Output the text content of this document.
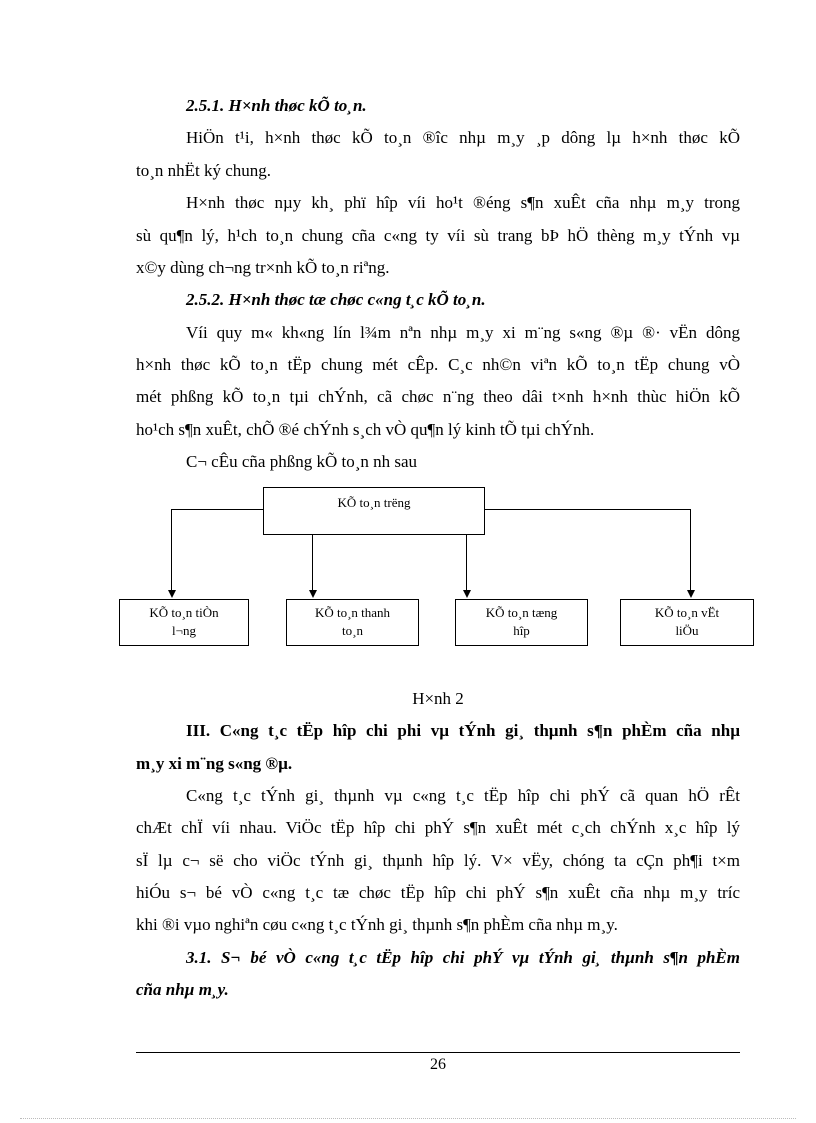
2.5.1. H×nh thøc kÕ to¸n.
HiÖn t¹i, h×nh thøc kÕ to¸n ®îc nhµ m¸y ¸p dông lµ h×nh thøc kÕ
to¸n nhËt ký chung.
H×nh thøc nµy kh¸ phï hîp víi ho¹t ®éng s¶n xuÊt cña nhµ m¸y trong
sù qu¶n lý, h¹ch to¸n chung cña c«ng ty víi sù trang bÞ hÖ thèng m¸y tÝnh vµ
x©y dùng ch¬ng tr×nh kÕ to¸n riªng.
2.5.2. H×nh thøc tæ chøc c«ng t¸c kÕ to¸n.
Víi quy m« kh«ng lín l¾m nªn nhµ m¸y xi m¨ng s«ng ®µ ®· vËn dông
h×nh thøc kÕ to¸n tËp chung mét cÊp. C¸c nh©n viªn kÕ to¸n tËp chung vÒ
mét phßng kÕ to¸n tµi chÝnh, cã chøc n¨ng theo dâi t×nh h×nh thùc hiÖn kÕ
ho¹ch s¶n xuÊt, chÕ ®é chÝnh s¸ch vÒ qu¶n lý kinh tÕ tµi chÝnh.
C¬ cÊu cña phßng kÕ to¸n nh sau
KÕ to¸n trëng
KÕ to¸n tiÒn
l¬ng
KÕ to¸n thanh
to¸n
KÕ to¸n tæng
hîp
KÕ to¸n vËt
liÖu
H×nh 2
III. C«ng t¸c tËp hîp chi phi vµ tÝnh gi¸ thµnh s¶n phÈm cña nhµ
m¸y xi m¨ng s«ng ®µ.
C«ng t¸c tÝnh gi¸ thµnh vµ c«ng t¸c tËp hîp chi phÝ cã quan hÖ rÊt
chÆt chÏ víi nhau. ViÖc tËp hîp chi phÝ s¶n xuÊt mét c¸ch chÝnh x¸c hîp lý
sÏ lµ c¬ së cho viÖc tÝnh gi¸ thµnh hîp lý. V× vËy, chóng ta cÇn ph¶i t×m
hiÓu s¬ bé vÒ c«ng t¸c tæ chøc tËp hîp chi phÝ s¶n xuÊt cña nhµ m¸y tríc
khi ®i vµo nghiªn cøu c«ng t¸c tÝnh gi¸ thµnh s¶n phÈm cña nhµ m¸y.
3.1. S¬ bé vÒ c«ng t¸c tËp hîp chi phÝ vµ tÝnh gi¸ thµnh s¶n phÈm
cña nhµ m¸y.
26
